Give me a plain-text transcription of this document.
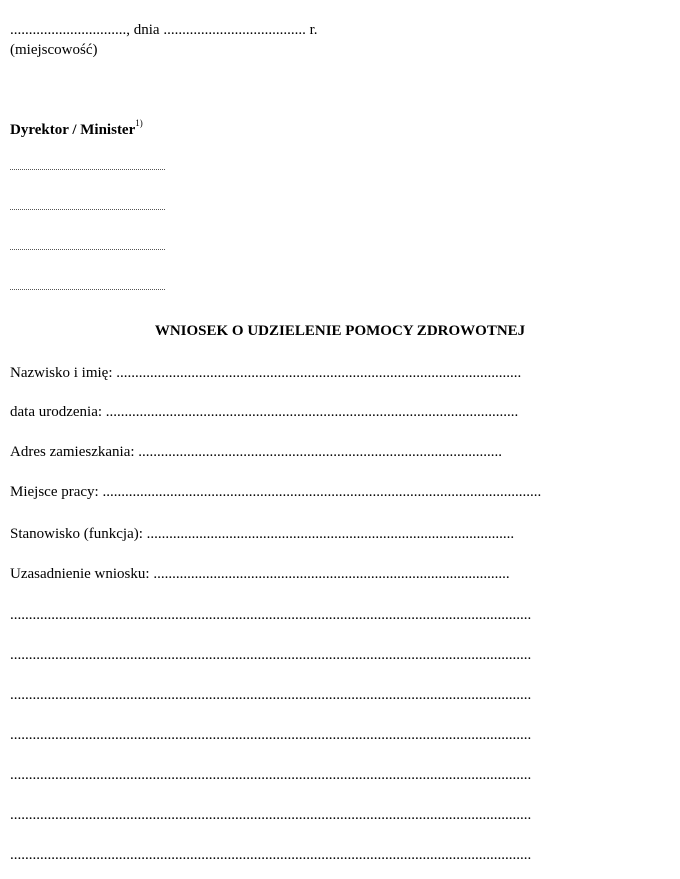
..............................., dnia ...................................... r.
(miejscowość)
Dyrektor / Minister$^{1)}$
WNIOSEK O UDZIELENIE POMOCY ZDROWOTNEJ
Nazwisko i imię: ............................................................................................................
data urodzenia: ..............................................................................................................
Adres zamieszkania: .................................................................................................
Miejsce pracy: .....................................................................................................................
Stanowisko (funkcja): ..................................................................................................
Uzasadnienie wniosku: ...............................................................................................
...........................................................................................................................................
...........................................................................................................................................
...........................................................................................................................................
...........................................................................................................................................
...........................................................................................................................................
...........................................................................................................................................
...........................................................................................................................................
